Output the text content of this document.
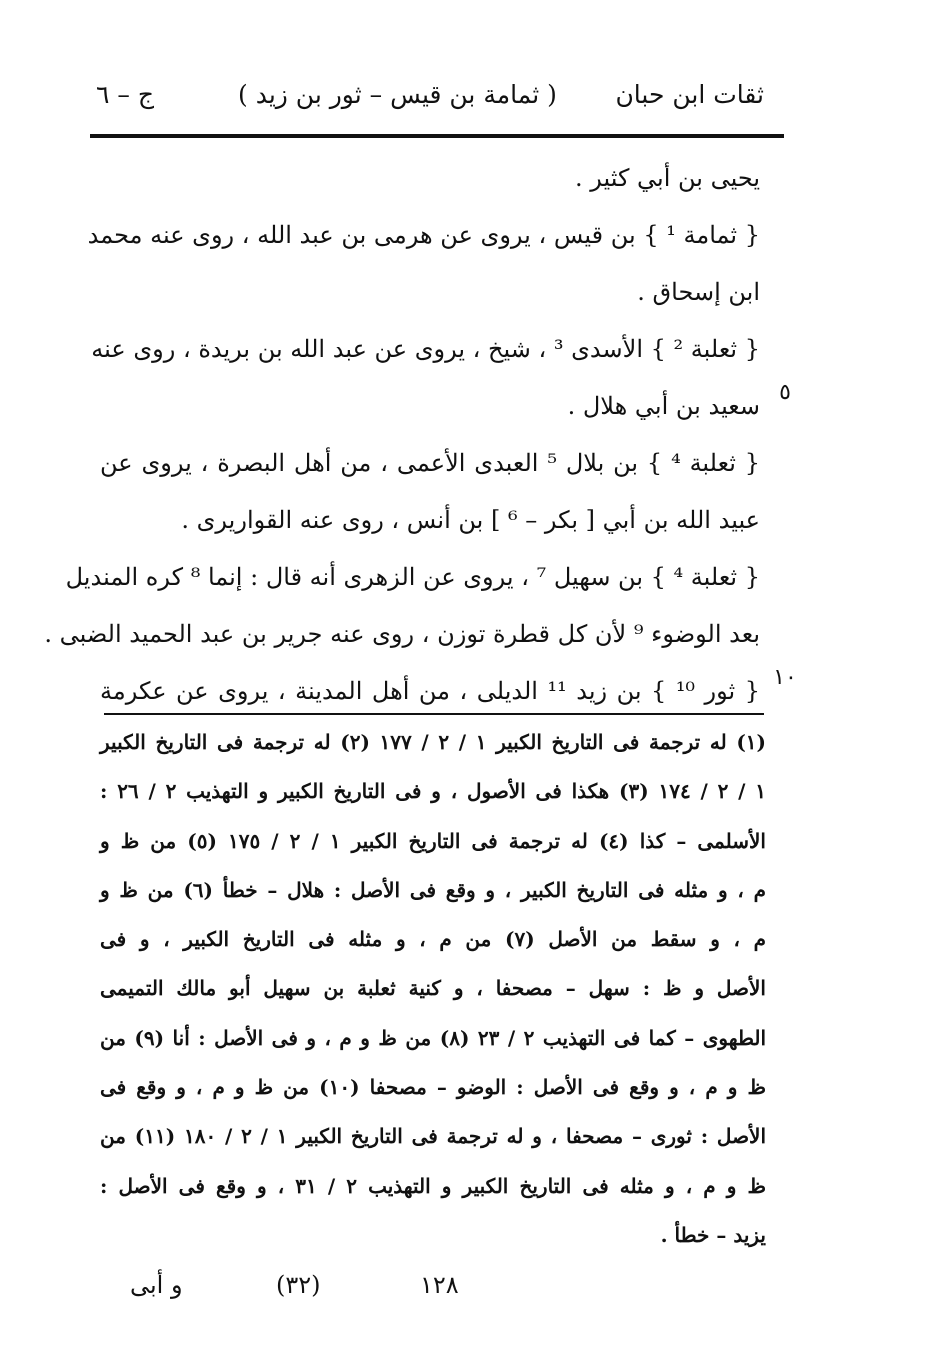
ثقات ابن حبان
( ثمامة بن قيس – ثور بن زيد )
ج – ٦
يحيى بن أبي كثير .
{ ثمامة ¹ } بن قيس ، يروى عن هرمى بن عبد الله ، روى عنه محمد
ابن إسحاق .
{ ثعلبة ² } الأسدى ³ ، شيخ ، يروى عن عبد الله بن بريدة ، روى عنه
سعيد بن أبي هلال .
{ ثعلبة ⁴ } بن بلال ⁵ العبدى الأعمى ، من أهل البصرة ، يروى عن
عبيد الله بن أبي [ بكر – ⁶ ] بن أنس ، روى عنه القواريرى .
{ ثعلبة ⁴ } بن سهيل ⁷ ، يروى عن الزهرى أنه قال : إنما ⁸ كره المنديل
بعد الوضوء ⁹ لأن كل قطرة توزن ، روى عنه جرير بن عبد الحميد الضبى .
{ ثور ¹⁰ } بن زيد ¹¹ الديلى ، من أهل المدينة ، يروى عن عكرمة
٥
١٠
(١) له ترجمة فى التاريخ الكبير ١ / ٢ / ١٧٧ (٢) له ترجمة فى التاريخ الكبير
١ / ٢ / ١٧٤ (٣) هكذا فى الأصول ، و فى التاريخ الكبير و التهذيب ٢ / ٢٦ :
الأسلمى – كذا (٤) له ترجمة فى التاريخ الكبير ١ / ٢ / ١٧٥ (٥) من ظ و
م ، و مثله فى التاريخ الكبير ، و وقع فى الأصل : هلال – خطأ (٦) من ظ و
م ، و سقط من الأصل (٧) من م ، و مثله فى التاريخ الكبير ، و فى
الأصل و ظ : سهل – مصحفا ، و كنية ثعلبة بن سهيل أبو مالك التميمى
الطهوى – كما فى التهذيب ٢ / ٢٣ (٨) من ظ و م ، و فى الأصل : أنا (٩) من
ظ و م ، و وقع فى الأصل : الوضو – مصحفا (١٠) من ظ و م ، و وقع فى
الأصل : ثورى – مصحفا ، و له ترجمة فى التاريخ الكبير ١ / ٢ / ١٨٠ (١١) من
ظ و م ، و مثله فى التاريخ الكبير و التهذيب ٢ / ٣١ ، و وقع فى الأصل :
يزيد – خطأ .
١٢٨
(٣٢)
و أبى
